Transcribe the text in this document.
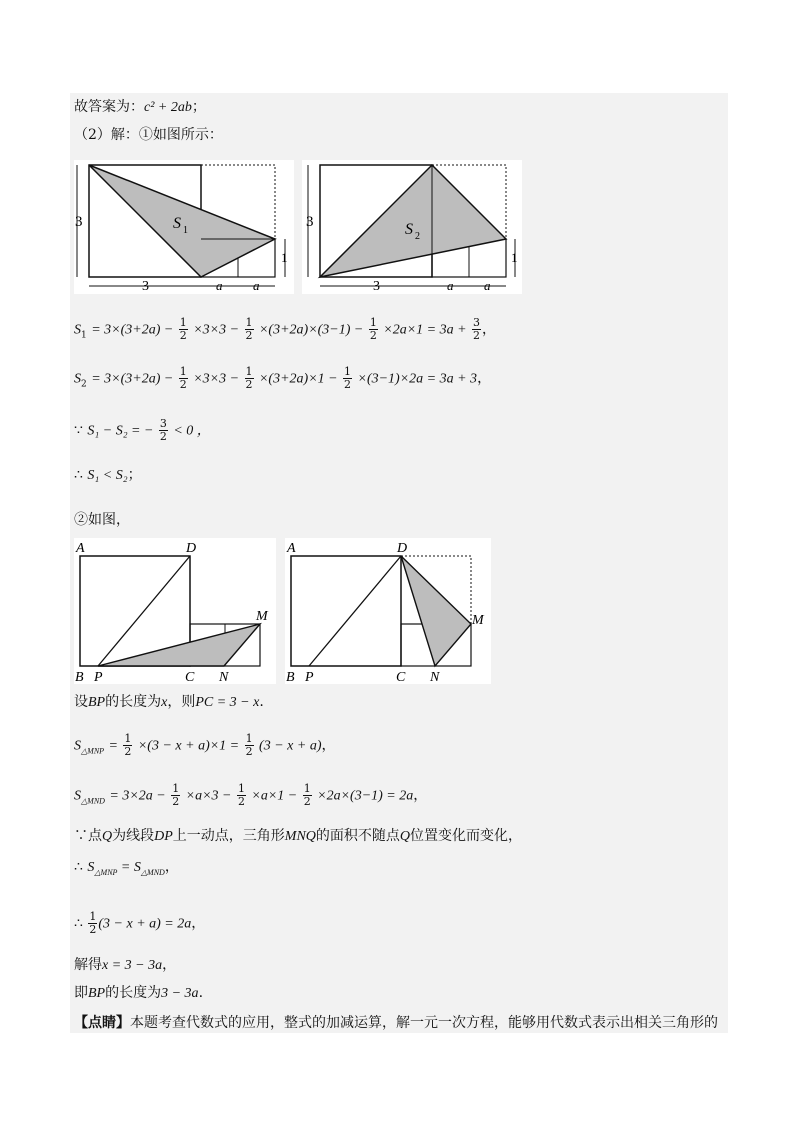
故答案为：c² + 2ab；
（2）解：①如图所示：
3	S 1
1
3	a a
3	S 2
1
3	a a
$S_1 = 3\times(3+2a) - \frac{1}{2} \times 3\times 3 - \frac{1}{2} \times(3+2a)\times(3-1) - \frac{1}{2} \times 2a\times 1 = 3a + \frac{3}{2}$ ，
$S_2 = 3\times(3+2a) - \frac{1}{2} \times 3\times 3 - \frac{1}{2} \times(3+2a)\times 1 - \frac{1}{2} \times(3-1)\times 2a = 3a + 3$，
∵ S₁ − S₂ = − $\frac{3}{2} < 0$ ，
∴ S₁ < S₂；
②如图，
A	D
M
B P	C N
A	D
M
B P	C N
设BP的长度为x，则PC = 3 − x.
$S_{\triangle MNP} = \frac{1}{2} \times(3 - x + a)\times 1 = \frac{1}{2} (3 - x + a)$，
$S_{\triangle MND} = 3\times 2a - \frac{1}{2} \times a\times 3 - \frac{1}{2} \times a\times 1 - \frac{1}{2} \times 2a\times(3-1) = 2a$，
∵点Q为线段DP上一动点，三角形MNQ的面积不随点Q位置变化而变化，
∴ $S_{\triangle MNP} = S_{\triangle MND}$，
∴ $\frac{1}{2} (3 - x + a) = 2a$，
解得x = 3 − 3a，
即BP的长度为3 − 3a.
【点睛】本题考查代数式的应用，整式的加减运算，解一元一次方程，能够用代数式表示出相关三角形的
